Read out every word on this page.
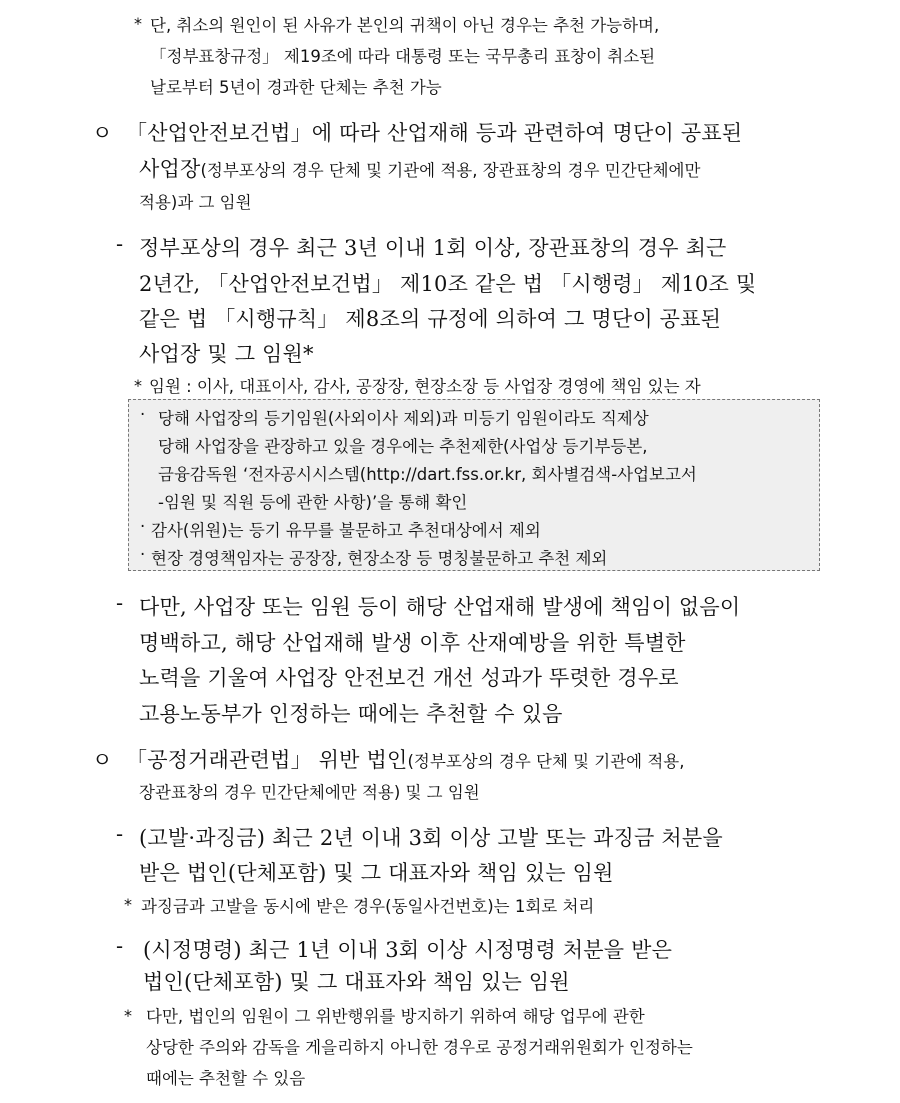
* 단, 취소의 원인이 된 사유가 본인의 귀책이 아닌 경우는 추천 가능하며,
「정부표창규정」 제19조에 따라 대통령 또는 국무총리 표창이 취소된
날로부터 5년이 경과한 단체는 추천 가능
ㅇ 「산업안전보건법」에 따라 산업재해 등과 관련하여 명단이 공표된
사업장(정부포상의 경우 단체 및 기관에 적용, 장관표창의 경우 민간단체에만
적용)과 그 임원
- 정부포상의 경우 최근 3년 이내 1회 이상, 장관표창의 경우 최근
2년간, 「산업안전보건법」 제10조 같은 법 「시행령」 제10조 및
같은 법 「시행규칙」 제8조의 규정에 의하여 그 명단이 공표된
사업장 및 그 임원*
* 임원 : 이사, 대표이사, 감사, 공장장, 현장소장 등 사업장 경영에 책임 있는 자
· 당해 사업장의 등기임원(사외이사 제외)과 미등기 임원이라도 직제상
당해 사업장을 관장하고 있을 경우에는 추천제한(사업상 등기부등본,
금융감독원 ‘전자공시시스템(http://dart.fss.or.kr, 회사별검색-사업보고서
-임원 및 직원 등에 관한 사항)’을 통해 확인
· 감사(위원)는 등기 유무를 불문하고 추천대상에서 제외
· 현장 경영책임자는 공장장, 현장소장 등 명칭불문하고 추천 제외
- 다만, 사업장 또는 임원 등이 해당 산업재해 발생에 책임이 없음이
명백하고, 해당 산업재해 발생 이후 산재예방을 위한 특별한
노력을 기울여 사업장 안전보건 개선 성과가 뚜렷한 경우로
고용노동부가 인정하는 때에는 추천할 수 있음
ㅇ 「공정거래관련법」 위반 법인(정부포상의 경우 단체 및 기관에 적용,
장관표창의 경우 민간단체에만 적용) 및 그 임원
- (고발·과징금) 최근 2년 이내 3회 이상 고발 또는 과징금 처분을
받은 법인(단체포함) 및 그 대표자와 책임 있는 임원
* 과징금과 고발을 동시에 받은 경우(동일사건번호)는 1회로 처리
- (시정명령) 최근 1년 이내 3회 이상 시정명령 처분을 받은
법인(단체포함) 및 그 대표자와 책임 있는 임원
* 다만, 법인의 임원이 그 위반행위를 방지하기 위하여 해당 업무에 관한
상당한 주의와 감독을 게을리하지 아니한 경우로 공정거래위원회가 인정하는
때에는 추천할 수 있음
